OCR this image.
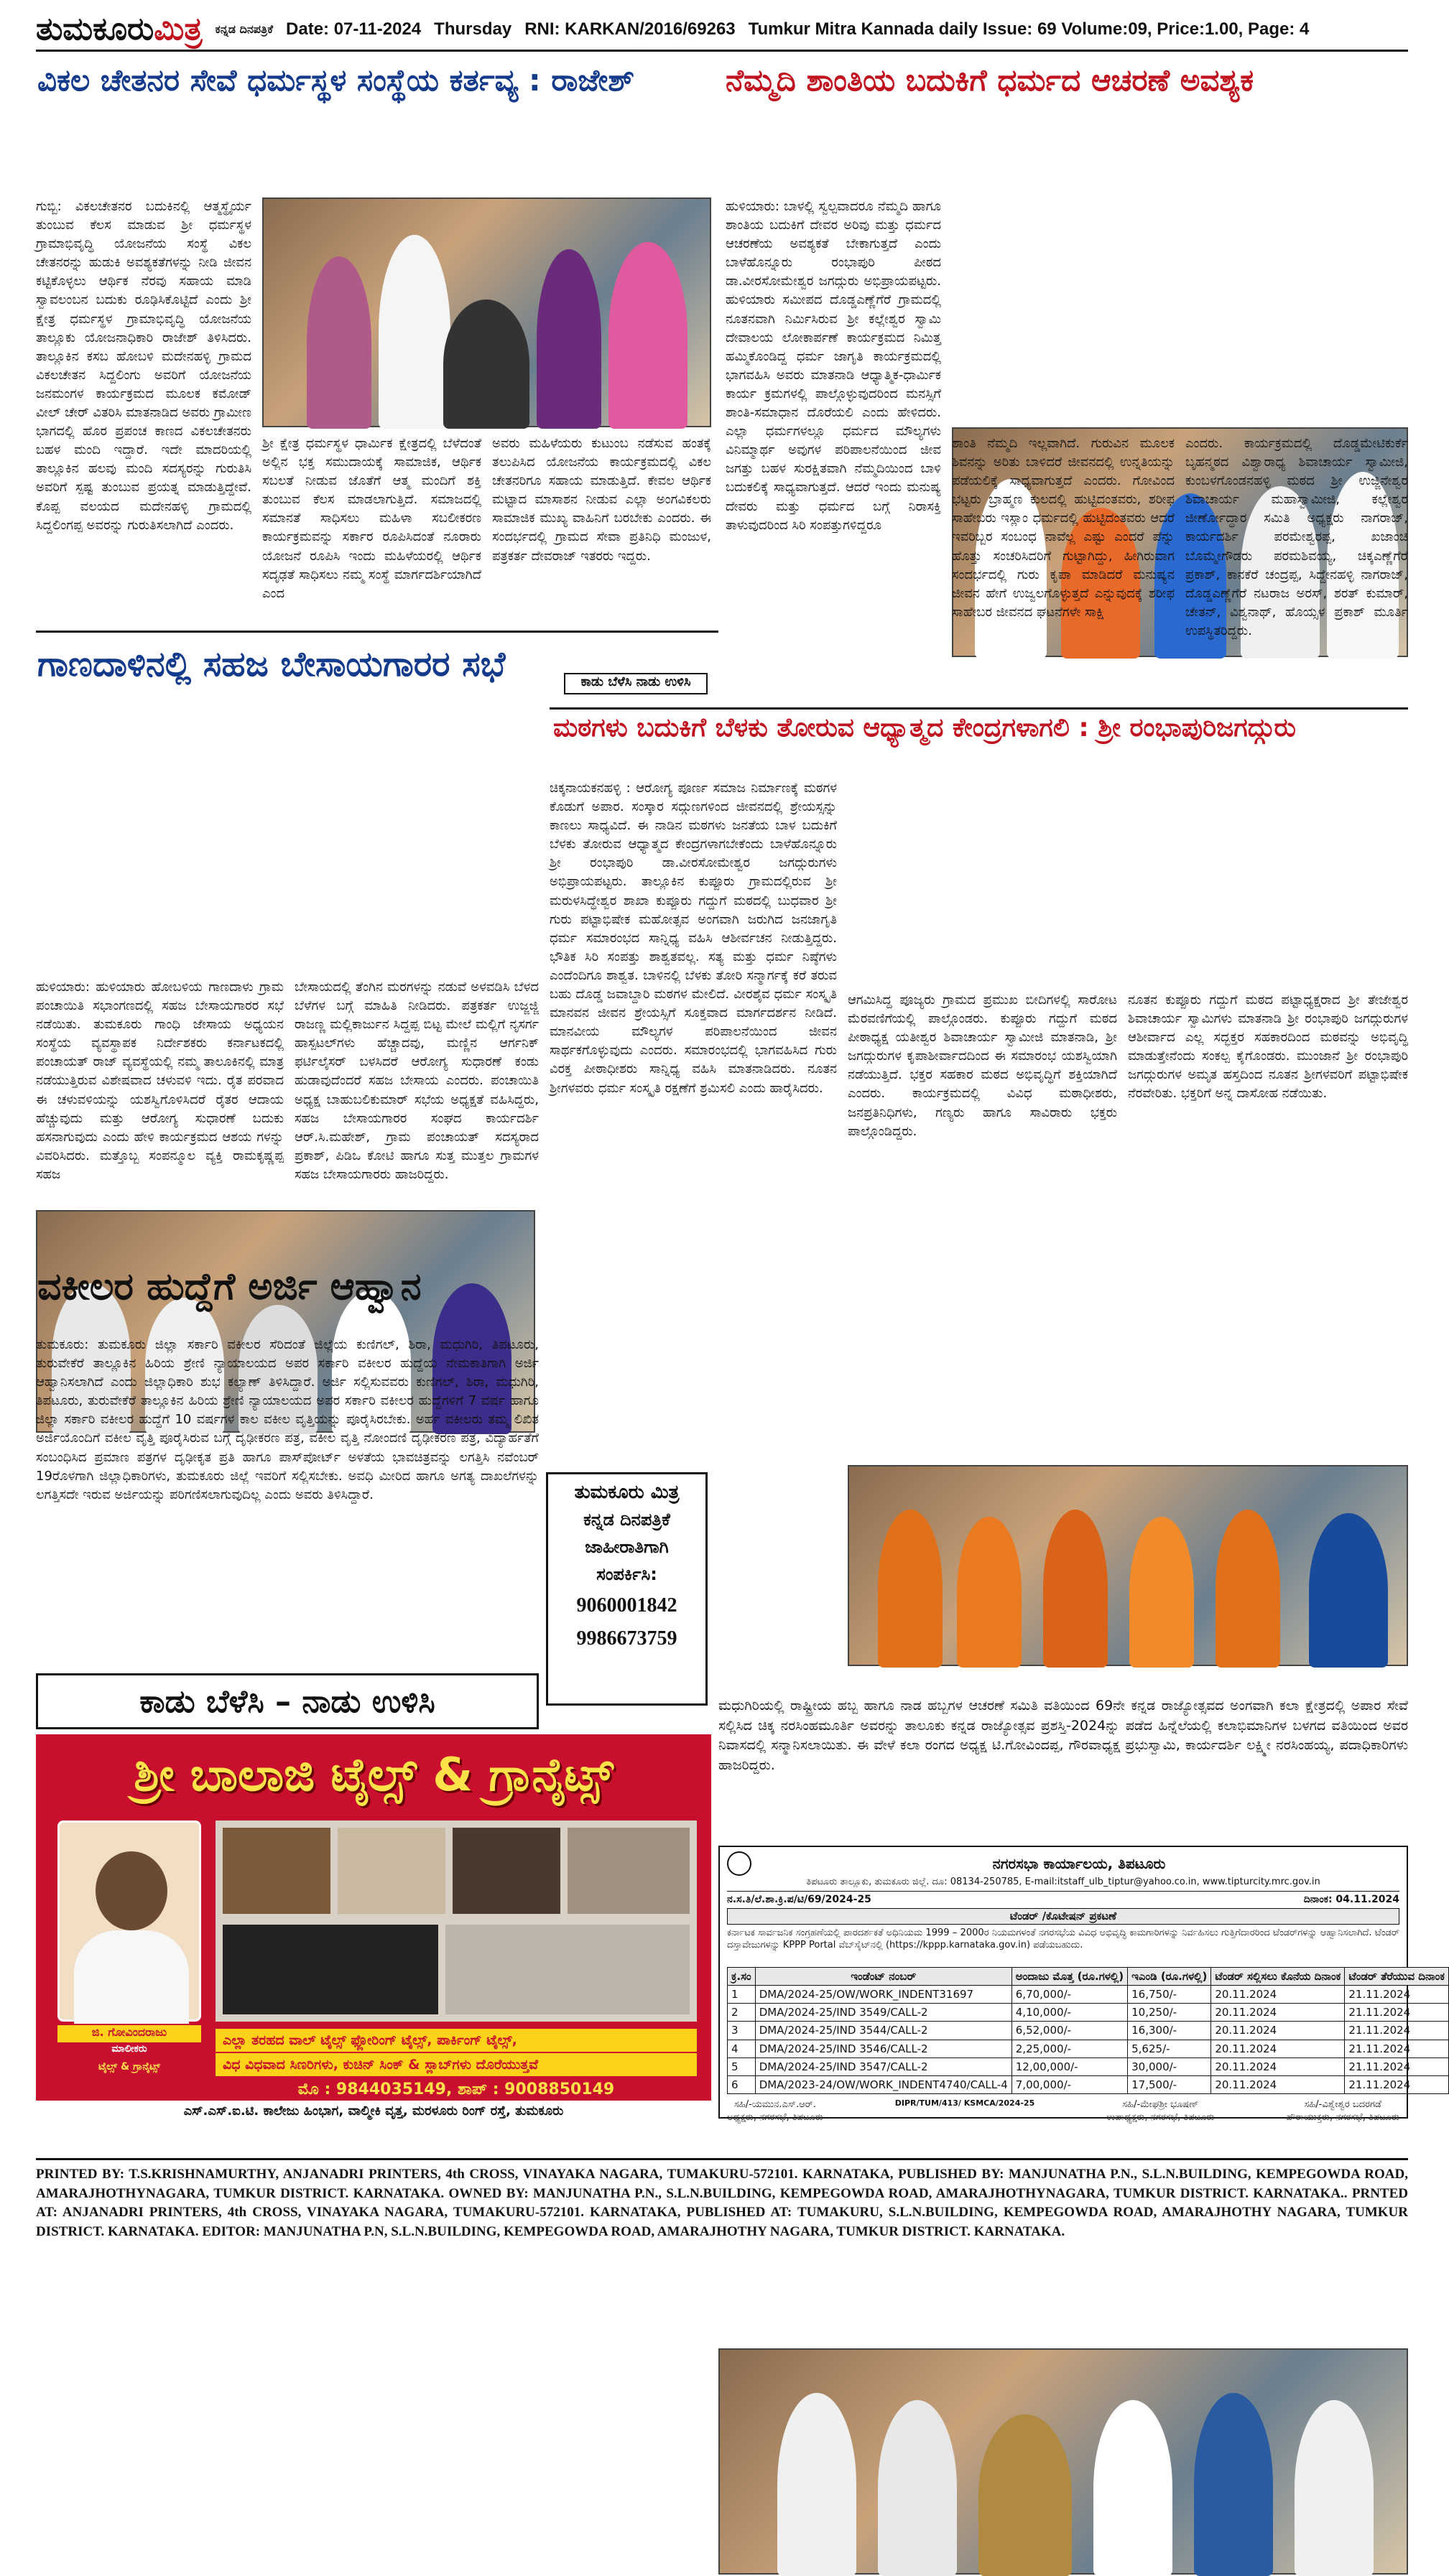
ತುಮಕೂರುಮಿತ್ರ ಕನ್ನಡ ದಿನಪತ್ರಿಕೆ Date: 07-11-2024 Thursday RNI: KARKAN/2016/69263 Tumkur Mitra Kannada daily Issue: 69 Volume:09, Price:1.00, Page: 4
ವಿಕಲ ಚೇತನರ ಸೇವೆ ಧರ್ಮಸ್ಥಳ ಸಂಸ್ಥೆಯ ಕರ್ತವ್ಯ : ರಾಜೇಶ್
ಗುಬ್ಬಿ: ವಿಕಲಚೇತನರ ಬದುಕಿನಲ್ಲಿ ಆತ್ಮಸ್ಥೈರ್ಯ ತುಂಬುವ ಕೆಲಸ ಮಾಡುವ ಶ್ರೀ ಧರ್ಮಸ್ಥಳ ಗ್ರಾಮಾಭಿವೃದ್ಧಿ ಯೋಜನೆಯ ಸಂಸ್ಥೆ ವಿಕಲ ಚೇತನರನ್ನು ಹುಡುಕಿ ಅವಶ್ಯಕತೆಗಳನ್ನು ನೀಡಿ ಜೀವನ ಕಟ್ಟಿಕೊಳ್ಳಲು ಆರ್ಥಿಕ ನೆರವು ಸಹಾಯ ಮಾಡಿ ಸ್ವಾವಲಂಬನ ಬದುಕು ರೂಢಿಸಿಕೊಟ್ಟಿದೆ ಎಂದು ಶ್ರೀ ಕ್ಷೇತ್ರ ಧರ್ಮಸ್ಥಳ ಗ್ರಾಮಾಭಿವೃದ್ಧಿ ಯೋಜನೆಯ ತಾಲ್ಲೂಕು ಯೋಜನಾಧಿಕಾರಿ ರಾಜೇಶ್ ತಿಳಿಸಿದರು. ತಾಲ್ಲೂಕಿನ ಕಸಬ ಹೋಬಳಿ ಮದೇನಹಳ್ಳಿ ಗ್ರಾಮದ ವಿಕಲಚೇತನ ಸಿದ್ದಲಿಂಗು ಅವರಿಗೆ ಯೋಜನೆಯ ಜನಮಂಗಳ ಕಾರ್ಯಕ್ರಮದ ಮೂಲಕ ಕಮೋಡ್ ವೀಲ್ ಚೇರ್ ವಿತರಿಸಿ ಮಾತನಾಡಿದ ಅವರು ಗ್ರಾಮೀಣ ಭಾಗದಲ್ಲಿ ಹೊರ ಪ್ರಪಂಚ ಕಾಣದ ವಿಕಲಚೇತನರು ಬಹಳ ಮಂದಿ ಇದ್ದಾರೆ. ಇದೇ ಮಾದರಿಯಲ್ಲಿ ತಾಲ್ಲೂಕಿನ ಹಲವು ಮಂದಿ ಸದಸ್ಯರನ್ನು ಗುರುತಿಸಿ ಅವರಿಗೆ ಸ್ಪಷ್ಟ ತುಂಬುವ ಪ್ರಯತ್ನ ಮಾಡುತ್ತಿದ್ದೇವೆ. ಕೊಪ್ಪ ವಲಯದ ಮದೇನಹಳ್ಳಿ ಗ್ರಾಮದಲ್ಲಿ ಸಿದ್ದಲಿಂಗಪ್ಪ ಅವರನ್ನು ಗುರುತಿಸಲಾಗಿದೆ ಎಂದರು.
ಶ್ರೀ ಕ್ಷೇತ್ರ ಧರ್ಮಸ್ಥಳ ಧಾರ್ಮಿಕ ಕ್ಷೇತ್ರದಲ್ಲಿ ಬೆಳೆದಂತೆ ಅಲ್ಲಿನ ಭಕ್ತ ಸಮುದಾಯಕ್ಕೆ ಸಾಮಾಜಿಕ, ಆರ್ಥಿಕ ಸಬಲತೆ ನೀಡುವ ಜೊತೆಗೆ ಆತ್ಮ ಮಂದಿಗೆ ಶಕ್ತಿ ತುಂಬುವ ಕೆಲಸ ಮಾಡಲಾಗುತ್ತಿದೆ. ಸಮಾಜದಲ್ಲಿ ಸಮಾನತೆ ಸಾಧಿಸಲು ಮಹಿಳಾ ಸಬಲೀಕರಣ ಕಾರ್ಯಕ್ರಮವನ್ನು ಸರ್ಕಾರ ರೂಪಿಸಿದಂತೆ ನೂರಾರು ಯೋಜನೆ ರೂಪಿಸಿ ಇಂದು ಮಹಿಳೆಯರಲ್ಲಿ ಆರ್ಥಿಕ ಸದೃಢತೆ ಸಾಧಿಸಲು ನಮ್ಮ ಸಂಸ್ಥೆ ಮಾರ್ಗದರ್ಶಿಯಾಗಿದೆ ಎಂದ
ಅವರು ಮಹಿಳೆಯರು ಕುಟುಂಬ ನಡೆಸುವ ಹಂತಕ್ಕೆ ತಲುಪಿಸಿದ ಯೋಜನೆಯ ಕಾರ್ಯಕ್ರಮದಲ್ಲಿ ವಿಕಲ ಚೇತನರಿಗೂ ಸಹಾಯ ಮಾಡುತ್ತಿದೆ. ಕೇವಲ ಆರ್ಥಿಕ ಮಟ್ಟಾದ ಮಾಸಾಶನ ನೀಡುವ ಎಲ್ಲಾ ಅಂಗವಿಕಲರು ಸಾಮಾಜಿಕ ಮುಖ್ಯ ವಾಹಿನಿಗೆ ಬರಬೇಕು ಎಂದರು. ಈ ಸಂದರ್ಭದಲ್ಲಿ ಗ್ರಾಮದ ಸೇವಾ ಪ್ರತಿನಿಧಿ ಮಂಜುಳ, ಪತ್ರಕರ್ತ ದೇವರಾಜ್ ಇತರರು ಇದ್ದರು.
ನೆಮ್ಮದಿ ಶಾಂತಿಯ ಬದುಕಿಗೆ ಧರ್ಮದ ಆಚರಣೆ ಅವಶ್ಯಕ
ಹುಳಿಯಾರು: ಬಾಳಲ್ಲಿ ಸ್ವಲ್ಪವಾದರೂ ನೆಮ್ಮದಿ ಹಾಗೂ ಶಾಂತಿಯ ಬದುಕಿಗೆ ದೇವರ ಅರಿವು ಮತ್ತು ಧರ್ಮದ ಆಚರಣೆಯ ಅವಶ್ಯಕತೆ ಬೇಕಾಗುತ್ತದೆ ಎಂದು ಬಾಳೆಹೊನ್ನೂರು ರಂಭಾಪುರಿ ಪೀಠದ ಡಾ.ವೀರಸೋಮೇಶ್ವರ ಜಗದ್ಗುರು ಅಭಿಪ್ರಾಯಪಟ್ಟರು. ಹುಳಿಯಾರು ಸಮೀಪದ ದೊಡ್ಡಎಣ್ಣೆಗೆರೆ ಗ್ರಾಮದಲ್ಲಿ ನೂತನವಾಗಿ ನಿರ್ಮಿಸಿರುವ ಶ್ರೀ ಕಲ್ಲೇಶ್ವರ ಸ್ವಾಮಿ ದೇವಾಲಯ ಲೋಕಾರ್ಪಣೆ ಕಾರ್ಯಕ್ರಮದ ನಿಮಿತ್ತ ಹಮ್ಮಿಕೊಂಡಿದ್ದ ಧರ್ಮ ಜಾಗೃತಿ ಕಾರ್ಯಕ್ರಮದಲ್ಲಿ ಭಾಗವಹಿಸಿ ಅವರು ಮಾತನಾಡಿ ಆಧ್ಯಾತ್ಮಿಕ-ಧಾರ್ಮಿಕ ಕಾರ್ಯ ಕ್ರಮಗಳಲ್ಲಿ ಪಾಲ್ಗೊಳ್ಳುವುದರಿಂದ ಮನಸ್ಸಿಗೆ ಶಾಂತಿ-ಸಮಾಧಾನ ದೊರೆಯಲಿ ಎಂದು ಹೇಳಿದರು. ಎಲ್ಲಾ ಧರ್ಮಗಳಲ್ಲೂ ಧರ್ಮದ ಮೌಲ್ಯಗಳು ವಿನಿಮ್ಮಾರ್ಥ ಅವುಗಳ ಪರಿಪಾಲನೆಯಿಂದ ಜೀವ ಜಗತ್ತು ಬಹಳ ಸುರಕ್ಷಿತವಾಗಿ ನೆಮ್ಮದಿಯಿಂದ ಬಾಳಿ ಬದುಕಲಿಕ್ಕೆ ಸಾಧ್ಯವಾಗುತ್ತದೆ. ಆದರೆ ಇಂದು ಮನುಷ್ಯ ದೇವರು ಮತ್ತು ಧರ್ಮದ ಬಗ್ಗೆ ನಿರಾಸಕ್ತಿ ತಾಳುವುದರಿಂದ ಸಿರಿ ಸಂಪತ್ತುಗಳಿದ್ದರೂ
ಶಾಂತಿ ನೆಮ್ಮದಿ ಇಲ್ಲವಾಗಿದೆ. ಗುರುವಿನ ಮೂಲಕ ಶಿವನನ್ನು ಅರಿತು ಬಾಳಿದರೆ ಜೀವನದಲ್ಲಿ ಉನ್ನತಿಯನ್ನು ಪಡೆಯಲಿಕ್ಕೆ ಸಾಧ್ಯವಾಗುತ್ತದೆ ಎಂದರು. ಗೋವಿಂದ ಭಟ್ಟರು ಬ್ರಾಹ್ಮಣ ಕುಲದಲ್ಲಿ ಹುಟ್ಟಿದಂತವರು, ಶರೀಫ ಸಾಹೇಬರು ಇಸ್ಲಾಂ ಧರ್ಮದಲ್ಲಿ ಹುಟ್ಟಿದಂತವರು ಆದರೆ ಇವರಿಬ್ಬರ ಸಂಬಂಧ ನಾವೆಲ್ಲ ಎಷ್ಟು ಎಂದರೆ ಪೆನ್ನು ಹೊತ್ತು ಸಂಚರಿಸಿದರಿಗೆ ಗುಟ್ಟಾಗಿದ್ದು, ಹೀಗಿರುವಾಗ ಸಂದರ್ಭದಲ್ಲಿ ಗುರು ಕೃಪಾ ಮಾಡಿದರೆ ಮನುಷ್ಯನ ಜೀವನ ಹೇಗೆ ಉಜ್ವಲಗೊಳ್ಳುತ್ತದೆ ಎನ್ನುವುದಕ್ಕೆ ಶರೀಫ ಸಾಹೇಬರ ಜೀವನದ ಘಟನೆಗಳೇ ಸಾಕ್ಷಿ
ಎಂದರು. ಕಾರ್ಯಕ್ರಮದಲ್ಲಿ ದೊಡ್ಡಮೇಟಿಕುರ್ಕೆ ಬೃಹನ್ಮಠದ ವಿಶ್ವಾರಾಧ್ಯ ಶಿವಾಚಾರ್ಯ ಸ್ವಾಮೀಜಿ, ಕುಂಬಳಗೊಂಡನಹಳ್ಳಿ ಮಠದ ಶ್ರೀ ಉಜ್ಜಿನೇಶ್ವರ ಶಿವಾಚಾರ್ಯ ಮಹಾಸ್ವಾಮೀಜಿ, ಕಲ್ಲೇಶ್ವರ ಜೀರ್ಣೋದ್ಧಾರ ಸಮಿತಿ ಅಧ್ಯಕ್ಷರು ನಾಗರಾಜ್, ಕಾರ್ಯದರ್ಶಿ ಪರಮೇಶ್ವರಪ್ಪ, ಖಜಾಂಚಿ ಬೊಮ್ಮೇಗೌಡರು ಪರಮಶಿವಯ್ಯ, ಚಿಕ್ಕಎಣ್ಣೆಗೆರೆ ಪ್ರಕಾಶ್, ಕಾನಕೆರೆ ಚಂದ್ರಪ್ಪ, ಸಿದ್ದೇನಹಳ್ಳಿ ನಾಗರಾಜ್, ದೊಡ್ಡಎಣ್ಣೆಗೆರೆ ನಟರಾಜ ಅರಸ್, ಶರತ್ ಕುಮಾರ್, ಚೇತನ್, ವಿಶ್ವನಾಥ್, ಹೊಯ್ಸಳ ಪ್ರಕಾಶ್ ಮೂರ್ತಿ ಉಪಸ್ಥಿತರಿದ್ದರು.
ಕಾಡು ಬೆಳೆಸಿ ನಾಡು ಉಳಿಸಿ
ಗಾಣದಾಳಿನಲ್ಲಿ ಸಹಜ ಬೇಸಾಯಗಾರರ ಸಭೆ
ಹುಳಿಯಾರು: ಹುಳಿಯಾರು ಹೋಬಳಿಯ ಗಾಣದಾಳು ಗ್ರಾಮ ಪಂಚಾಯಿತಿ ಸಭಾಂಗಣದಲ್ಲಿ ಸಹಜ ಬೇಸಾಯಗಾರರ ಸಭೆ ನಡೆಯಿತು. ತುಮಕೂರು ಗಾಂಧಿ ಜೇಸಾಯ ಅಧ್ಯಯನ ಸಂಸ್ಥೆಯ ವ್ಯವಸ್ಥಾಪಕ ನಿರ್ದೇಶಕರು ಕರ್ನಾಟಕದಲ್ಲಿ ಪಂಚಾಯತ್ ರಾಜ್ ವ್ಯವಸ್ಥೆಯಲ್ಲಿ ನಮ್ಮ ತಾಲೂಕಿನಲ್ಲಿ ಮಾತ್ರ ನಡೆಯುತ್ತಿರುವ ವಿಶೇಷವಾದ ಚಳುವಳಿ ಇದು. ರೈತ ಪರವಾದ ಈ ಚಳುವಳಿಯನ್ನು ಯಶಸ್ವಿಗೊಳಿಸಿದರೆ ರೈತರ ಆದಾಯ ಹೆಚ್ಚುವುದು ಮತ್ತು ಆರೋಗ್ಯ ಸುಧಾರಣೆ ಬದುಕು ಹಸನಾಗುವುದು ಎಂದು ಹೇಳಿ ಕಾರ್ಯಕ್ರಮದ ಆಶಯ ಗಳನ್ನು ವಿವರಿಸಿದರು. ಮತ್ತೊಬ್ಬ ಸಂಪನ್ಮೂಲ ವ್ಯಕ್ತಿ ರಾಮಕೃಷ್ಣಪ್ಪ ಸಹಜ
ಬೇಸಾಯದಲ್ಲಿ ತೆಂಗಿನ ಮರಗಳನ್ನು ನಡುವೆ ಅಳವಡಿಸಿ ಬೆಳದ ಬೆಳೆಗಳ ಬಗ್ಗೆ ಮಾಹಿತಿ ನೀಡಿದರು. ಪತ್ರಕರ್ತ ಉಜ್ಜಜ್ಜಿ ರಾಜಣ್ಣ ಮಲ್ಲಿಕಾರ್ಜುನ ಸಿದ್ದಪ್ಪ ಬಿಟ್ಟ ಮೇಲೆ ಮಲ್ಲಿಗೆ ನೃಸರ್ಗ ಹಾಸ್ಪಟಲ್‌ಗಳು ಹೆಚ್ಚಾದವು, ಮಣ್ಣಿನ ಆರ್ಗನಿಕ್ ಫರ್ಟಿಲೈಸರ್ ಬಳಸಿದರೆ ಆರೋಗ್ಯ ಸುಧಾರಣೆ ಕಂಡು ಹುಡಾವುದೆಂದರೆ ಸಹಜ ಬೇಸಾಯ ಎಂದರು. ಪಂಚಾಯಿತಿ ಅಧ್ಯಕ್ಷ ಬಾಹುಬಲಿಕುಮಾರ್ ಸಭೆಯ ಅಧ್ಯಕ್ಷತೆ ವಹಿಸಿದ್ದರು, ಸಹಜ ಬೇಸಾಯಗಾರರ ಸಂಘದ ಕಾರ್ಯದರ್ಶಿ ಆರ್.ಸಿ.ಮಹೇಶ್, ಗ್ರಾಮ ಪಂಚಾಯತ್ ಸದಸ್ಯರಾದ ಪ್ರಕಾಶ್, ಪಿಡಿಒ ಕೋಟಿ ಹಾಗೂ ಸುತ್ತ ಮುತ್ತಲ ಗ್ರಾಮಗಳ ಸಹಜ ಬೇಸಾಯಗಾರರು ಹಾಜರಿದ್ದರು.
ವಕೀಲರ ಹುದ್ದೆಗೆ ಅರ್ಜಿ ಆಹ್ವಾನ
ತುಮಕೂರು: ತುಮಕೂರು ಜಿಲ್ಲಾ ಸರ್ಕಾರಿ ವಕೀಲರ ಸೆರಿದಂತೆ ಜಿಲ್ಲೆಯ ಕುಣಿಗಲ್, ಶಿರಾ, ಮಧುಗಿರಿ, ತಿಪಟೂರು, ತುರುವೇಕೆರೆ ತಾಲ್ಲೂಕಿನ ಹಿರಿಯ ಶ್ರೇಣಿ ನ್ಯಾಯಾಲಯದ ಅಪರ ಸರ್ಕಾರಿ ವಕೀಲರ ಹುದ್ದೆಯ ನೇಮಕಾತಿಗಾಗಿ ಅರ್ಜಿ ಆಹ್ವಾನಿಸಲಾಗಿದೆ ಎಂದು ಜಿಲ್ಲಾಧಿಕಾರಿ ಶುಭ ಕಲ್ಯಾಣ್ ತಿಳಿಸಿದ್ದಾರೆ. ಅರ್ಜಿ ಸಲ್ಲಿಸುವವರು ಕುಣಿಗಲ್, ಶಿರಾ, ಮಧುಗಿರಿ, ತಿಪಟೂರು, ತುರುವೇಕೆರೆ ತಾಲ್ಲೂಕಿನ ಹಿರಿಯ ಶ್ರೇಣಿ ನ್ಯಾಯಾಲಯದ ಅಪರ ಸರ್ಕಾರಿ ವಕೀಲರ ಹುದ್ದೆಗಳಿಗೆ 7 ವರ್ಷ ಹಾಗೂ ಜಿಲ್ಲಾ ಸರ್ಕಾರಿ ವಕೀಲರ ಹುದ್ದೆಗೆ 10 ವರ್ಷಗಳ ಕಾಲ ವಕೀಲ ವೃತ್ತಿಯನ್ನು ಪೂರೈಸಿರಬೇಕು. ಅರ್ಹ ವಕೀಲರು ತಮ್ಮ ಲಿಖಿತ ಅರ್ಜಿಯೊಂದಿಗೆ ವಕೀಲ ವೃತ್ತಿ ಪೂರೈಸಿರುವ ಬಗ್ಗೆ ದೃಢೀಕರಣ ಪತ್ರ, ವಕೀಲ ವೃತ್ತಿ ನೋಂದಣಿ ದೃಢೀಕರಣ ಪತ್ರ, ವಿದ್ಯಾರ್ಹತೆಗೆ ಸಂಬಂಧಿಸಿದ ಪ್ರಮಾಣ ಪತ್ರಗಳ ದೃಢೀಕೃತ ಪ್ರತಿ ಹಾಗೂ ಪಾಸ್‌ಪೋರ್ಟ್ ಅಳತೆಯ ಭಾವಚಿತ್ರವನ್ನು ಲಗತ್ತಿಸಿ ನವೆಂಬರ್ 19ರೊಳಗಾಗಿ ಜಿಲ್ಲಾಧಿಕಾರಿಗಳು, ತುಮಕೂರು ಜಿಲ್ಲೆ ಇವರಿಗೆ ಸಲ್ಲಿಸಬೇಕು. ಅವಧಿ ಮೀರಿದ ಹಾಗೂ ಅಗತ್ಯ ದಾಖಲೆಗಳನ್ನು ಲಗತ್ತಿಸದೇ ಇರುವ ಅರ್ಜಿಯನ್ನು ಪರಿಗಣಿಸಲಾಗುವುದಿಲ್ಲ ಎಂದು ಅವರು ತಿಳಿಸಿದ್ದಾರೆ.
ಕಾಡು ಬೆಳೆಸಿ – ನಾಡು ಉಳಿಸಿ
ತುಮಕೂರು ಮಿತ್ರ
ಕನ್ನಡ ದಿನಪತ್ರಿಕೆ
ಜಾಹೀರಾತಿಗಾಗಿ
ಸಂಪರ್ಕಿಸಿ:
9060001842
9986673759
ಮಠಗಳು ಬದುಕಿಗೆ ಬೆಳಕು ತೋರುವ ಆಧ್ಯಾತ್ಮದ ಕೇಂದ್ರಗಳಾಗಲಿ : ಶ್ರೀ ರಂಭಾಪುರಿಜಗದ್ಗುರು
ಚಿಕ್ಕನಾಯಕನಹಳ್ಳಿ : ಆರೋಗ್ಯ ಪೂರ್ಣ ಸಮಾಜ ನಿರ್ಮಾಣಕ್ಕೆ ಮಠಗಳ ಕೊಡುಗೆ ಅಪಾರ. ಸಂಸ್ಕಾರ ಸದ್ಗುಣಗಳಿಂದ ಜೀವನದಲ್ಲಿ ಶ್ರೇಯಸ್ಸನ್ನು ಕಾಣಲು ಸಾಧ್ಯವಿದೆ. ಈ ನಾಡಿನ ಮಠಗಳು ಜನತೆಯ ಬಾಳ ಬದುಕಿಗೆ ಬೆಳಕು ತೋರುವ ಆಧ್ಯಾತ್ಮದ ಕೇಂದ್ರಗಳಾಗಬೇಕೆಂದು ಬಾಳೆಹೊನ್ನೂರು ಶ್ರೀ ರಂಭಾಪುರಿ ಡಾ.ವೀರಸೋಮೇಶ್ವರ ಜಗದ್ಗುರುಗಳು ಅಭಿಪ್ರಾಯಪಟ್ಟರು. ತಾಲ್ಲೂಕಿನ ಕುಪ್ಪೂರು ಗ್ರಾಮದಲ್ಲಿರುವ ಶ್ರೀ ಮರುಳಸಿದ್ಧೇಶ್ವರ ಶಾಖಾ ಕುಪ್ಪೂರು ಗದ್ದುಗೆ ಮಠದಲ್ಲಿ ಬುಧವಾರ ಶ್ರೀ ಗುರು ಪಟ್ಟಾಭಿಷೇಕ ಮಹೋತ್ಸವ ಅಂಗವಾಗಿ ಜರುಗಿದ ಜನಜಾಗೃತಿ ಧರ್ಮ ಸಮಾರಂಭದ ಸಾನ್ನಿಧ್ಯ ವಹಿಸಿ ಆಶೀರ್ವಚನ ನೀಡುತ್ತಿದ್ದರು. ಭೌತಿಕ ಸಿರಿ ಸಂಪತ್ತು ಶಾಶ್ವತವಲ್ಲ. ಸತ್ಯ ಮತ್ತು ಧರ್ಮ ನಿಷ್ಠೆಗಳು ಎಂದೆಂದಿಗೂ ಶಾಶ್ವತ. ಬಾಳಿನಲ್ಲಿ ಬೆಳಕು ತೋರಿ ಸನ್ಮಾರ್ಗಕ್ಕೆ ಕರೆ ತರುವ ಬಹು ದೊಡ್ಡ ಜವಾಬ್ದಾರಿ ಮಠಗಳ ಮೇಲಿದೆ. ವೀರಶೈವ ಧರ್ಮ ಸಂಸ್ಕೃತಿ ಮಾನವನ ಜೀವನ ಶ್ರೇಯಸ್ಸಿಗೆ ಸೂಕ್ತವಾದ ಮಾರ್ಗದರ್ಶನ ನೀಡಿದೆ. ಮಾನವೀಯ ಮೌಲ್ಯಗಳ ಪರಿಪಾಲನೆಯಿಂದ ಜೀವನ ಸಾರ್ಥಕಗೊಳ್ಳುವುದು ಎಂದರು. ಸಮಾರಂಭದಲ್ಲಿ ಭಾಗವಹಿಸಿದ ಗುರು ವಿರಕ್ತ ಪೀಠಾಧೀಶರು ಸಾನ್ನಿಧ್ಯ ವಹಿಸಿ ಮಾತನಾಡಿದರು. ನೂತನ ಶ್ರೀಗಳವರು ಧರ್ಮ ಸಂಸ್ಕೃತಿ ರಕ್ಷಣೆಗೆ ಶ್ರಮಿಸಲಿ ಎಂದು ಹಾರೈಸಿದರು.
ಆಗಮಿಸಿದ್ದ ಪೂಜ್ಯರು ಗ್ರಾಮದ ಪ್ರಮುಖ ಬೀದಿಗಳಲ್ಲಿ ಸಾರೋಟ ಮೆರವಣಿಗೆಯಲ್ಲಿ ಪಾಲ್ಗೊಂಡರು. ಕುಪ್ಪೂರು ಗದ್ದುಗೆ ಮಠದ ಪೀಠಾಧ್ಯಕ್ಷ ಯತೀಶ್ವರ ಶಿವಾಚಾರ್ಯ ಸ್ವಾಮೀಜಿ ಮಾತನಾಡಿ, ಶ್ರೀ ಜಗದ್ಗುರುಗಳ ಕೃಪಾಶೀರ್ವಾದದಿಂದ ಈ ಸಮಾರಂಭ ಯಶಸ್ವಿಯಾಗಿ ನಡೆಯುತ್ತಿದೆ. ಭಕ್ತರ ಸಹಕಾರ ಮಠದ ಅಭಿವೃದ್ಧಿಗೆ ಶಕ್ತಿಯಾಗಿದೆ ಎಂದರು. ಕಾರ್ಯಕ್ರಮದಲ್ಲಿ ವಿವಿಧ ಮಠಾಧೀಶರು, ಜನಪ್ರತಿನಿಧಿಗಳು, ಗಣ್ಯರು ಹಾಗೂ ಸಾವಿರಾರು ಭಕ್ತರು ಪಾಲ್ಗೊಂಡಿದ್ದರು.
ನೂತನ ಕುಪ್ಪೂರು ಗದ್ದುಗೆ ಮಠದ ಪಟ್ಟಾಧ್ಯಕ್ಷರಾದ ಶ್ರೀ ತೇಜೇಶ್ವರ ಶಿವಾಚಾರ್ಯ ಸ್ವಾಮಿಗಳು ಮಾತನಾಡಿ ಶ್ರೀ ರಂಭಾಪುರಿ ಜಗದ್ಗುರುಗಳ ಆಶೀರ್ವಾದ ಎಲ್ಲ ಸದ್ಭಕ್ತರ ಸಹಕಾರದಿಂದ ಮಠವನ್ನು ಅಭಿವೃದ್ಧಿ ಮಾಡುತ್ತೇನೆಂದು ಸಂಕಲ್ಪ ಕೈಗೊಂಡರು. ಮುಂಜಾನೆ ಶ್ರೀ ರಂಭಾಪುರಿ ಜಗದ್ಗುರುಗಳ ಅಮೃತ ಹಸ್ತದಿಂದ ನೂತನ ಶ್ರೀಗಳವರಿಗೆ ಪಟ್ಟಾಭಿಷೇಕ ನೆರವೇರಿತು. ಭಕ್ತರಿಗೆ ಅನ್ನ ದಾಸೋಹ ನಡೆಯಿತು.
ಮಧುಗಿರಿಯಲ್ಲಿ ರಾಷ್ಟ್ರೀಯ ಹಬ್ಬ ಹಾಗೂ ನಾಡ ಹಬ್ಬಗಳ ಆಚರಣೆ ಸಮಿತಿ ವತಿಯಿಂದ 69ನೇ ಕನ್ನಡ ರಾಜ್ಯೋತ್ಸವದ ಅಂಗವಾಗಿ ಕಲಾ ಕ್ಷೇತ್ರದಲ್ಲಿ ಅಪಾರ ಸೇವೆ ಸಲ್ಲಿಸಿದ ಚಿಕ್ಕ ನರಸಿಂಹಮೂರ್ತಿ ಅವರನ್ನು ತಾಲೂಕು ಕನ್ನಡ ರಾಜ್ಯೋತ್ಸವ ಪ್ರಶಸ್ತಿ-2024ನ್ನು ಪಡೆದ ಹಿನ್ನೆಲೆಯಲ್ಲಿ ಕಲಾಭಿಮಾನಿಗಳ ಬಳಗದ ವತಿಯಿಂದ ಅವರ ನಿವಾಸದಲ್ಲಿ ಸನ್ಮಾನಿಸಲಾಯಿತು. ಈ ವೇಳೆ ಕಲಾ ರಂಗದ ಅಧ್ಯಕ್ಷ ಟಿ.ಗೋವಿಂದಪ್ಪ, ಗೌರವಾಧ್ಯಕ್ಷ ಪ್ರಭುಸ್ವಾಮಿ, ಕಾರ್ಯದರ್ಶಿ ಲಕ್ಷ್ಮೀ ನರಸಿಂಹಯ್ಯ, ಪದಾಧಿಕಾರಿಗಳು ಹಾಜರಿದ್ದರು.
ಶ್ರೀ ಬಾಲಾಜಿ ಟೈಲ್ಸ್ & ಗ್ರಾನೈಟ್ಸ್
ಜಿ. ಗೋವಿಂದರಾಜು
ಮಾಲೀಕರು
ಟೈಲ್ಸ್ & ಗ್ರಾನೈಟ್ಸ್
ಎಲ್ಲಾ ತರಹದ ವಾಲ್ ಟೈಲ್ಸ್ ಫ್ಲೋರಿಂಗ್ ಟೈಲ್ಸ್, ಪಾರ್ಕಿಂಗ್ ಟೈಲ್ಸ್,
ವಿಧ ವಿಧವಾದ ಸಿಣರಿಗಳು, ಕುಚಿನ್ ಸಿಂಕ್ & ಸ್ಲಾಬ್‌ಗಳು ದೊರೆಯುತ್ತವೆ
ಮೊ : 9844035149, ಶಾಪ್ : 9008850149
ಎಸ್.ಎಸ್.ಐ.ಟಿ. ಕಾಲೇಜು ಹಿಂಭಾಗ, ವಾಲ್ಮೀಕಿ ವೃತ್ತ, ಮರಳೂರು ರಿಂಗ್ ರಸ್ತೆ, ತುಮಕೂರು
ನಗರಸಭಾ ಕಾರ್ಯಾಲಯ, ತಿಪಟೂರು
ತಿಪಟೂರು ತಾಲ್ಲೂಕು, ತುಮಕೂರು ಜಿಲ್ಲೆ. ದೂ: 08134-250785, E-mail:itstaff_ulb_tiptur@yahoo.co.in, www.tipturcity.mrc.gov.in
ನ.ಸ.ತಿ/ಲೆ.ಶಾ.ಕ್ರಿ.ಪ/ಟಿ/69/2024-25	ದಿನಾಂಕ: 04.11.2024
ಟೆಂಡರ್ /ಕೊಟೇಷನ್ ಪ್ರಕಟಣೆ
ಕರ್ನಾಟಕ ಸಾರ್ವಜನಿಕ ಸಂಗ್ರಹಣೆಯಲ್ಲಿ ಪಾರದರ್ಶಕತೆ ಅಧಿನಿಯಮ 1999 – 2000ರ ನಿಯಮಗಳಂತೆ ನಗರಸಭೆಯ ವಿವಿಧ ಅಭಿವೃದ್ಧಿ ಕಾಮಗಾರಿಗಳನ್ನು ನಿರ್ವಹಿಸಲು ಗುತ್ತಿಗೆದಾರರಿಂದ ಟೆಂಡರ್‌ಗಳನ್ನು ಆಹ್ವಾನಿಸಲಾಗಿದೆ. ಟೆಂಡರ್ ದಸ್ತಾವೇಜುಗಳನ್ನು KPPP Portal ವೆಬ್‌ಸೈಟ್‌ನಲ್ಲಿ (https://kppp.karnataka.gov.in) ಪಡೆಯಬಹುದು.
ಕ್ರ.ಸಂ	ಇಂಡೆಂಟ್ ನಂಬರ್	ಅಂದಾಜು ಮೊತ್ತ (ರೂ.ಗಳಲ್ಲಿ)	ಇಎಂಡಿ (ರೂ.ಗಳಲ್ಲಿ)	ಟೆಂಡರ್ ಸಲ್ಲಿಸಲು ಕೊನೆಯ ದಿನಾಂಕ	ಟೆಂಡರ್ ತೆರೆಯುವ ದಿನಾಂಕ
1	DMA/2024-25/OW/WORK_INDENT31697	6,70,000/-	16,750/-	20.11.2024	21.11.2024
2	DMA/2024-25/IND 3549/CALL-2	4,10,000/-	10,250/-	20.11.2024	21.11.2024
3	DMA/2024-25/IND 3544/CALL-2	6,52,000/-	16,300/-	20.11.2024	21.11.2024
4	DMA/2024-25/IND 3546/CALL-2	2,25,000/-	5,625/-	20.11.2024	21.11.2024
5	DMA/2024-25/IND 3547/CALL-2	12,00,000/-	30,000/-	20.11.2024	21.11.2024
6	DMA/2023-24/OW/WORK_INDENT4740/CALL-4	7,00,000/-	17,500/-	20.11.2024	21.11.2024
ಸಹಿ/-ಯಮುನ.ಎಸ್.ಆರ್.
ಅಧ್ಯಕ್ಷರು, ನಗರಸಭೆ, ತಿಪಟೂರು
DIPR/TUM/413/ KSMCA/2024-25	ಸಹಿ/-ಮೇಘಶ್ರೀ ಭೂಷಣ್
ಉಪಾಧ್ಯಕ್ಷರು, ನಗರಸಭೆ, ತಿಪಟೂರು
ಸಹಿ/-ವಿಶ್ವೇಶ್ವರ ಬದರಗಡೆ
ಪೌರಾಯುಕ್ತರು, ನಗರಸಭೆ, ತಿಪಟೂರು
PRINTED BY: T.S.KRISHNAMURTHY, ANJANADRI PRINTERS, 4th CROSS, VINAYAKA NAGARA, TUMAKURU-572101. KARNATAKA, PUBLISHED BY: MANJUNATHA P.N., S.L.N.BUILDING, KEMPEGOWDA ROAD, AMARAJHOTHYNAGARA, TUMKUR DISTRICT. KARNATAKA. OWNED BY: MANJUNATHA P.N., S.L.N.BUILDING, KEMPEGOWDA ROAD, AMARAJHOTHYNAGARA, TUMKUR DISTRICT. KARNATAKA.. PRNTED AT: ANJANADRI PRINTERS, 4th CROSS, VINAYAKA NAGARA, TUMAKURU-572101. KARNATAKA, PUBLISHED AT: TUMAKURU, S.L.N.BUILDING, KEMPEGOWDA ROAD, AMARAJHOTHY NAGARA, TUMKUR DISTRICT. KARNATAKA. EDITOR: MANJUNATHA P.N, S.L.N.BUILDING, KEMPEGOWDA ROAD, AMARAJHOTHY NAGARA, TUMKUR DISTRICT. KARNATAKA.
